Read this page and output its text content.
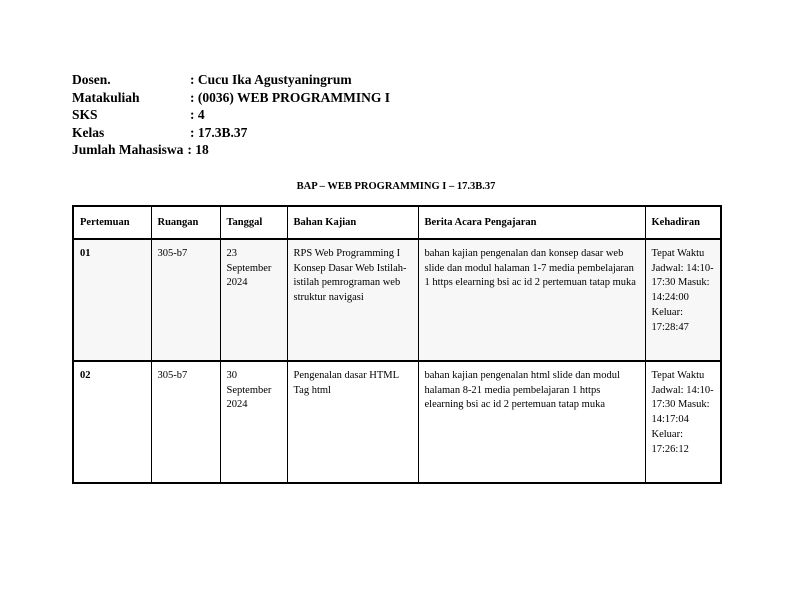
Dosen.	: Cucu Ika Agustyaningrum
Matakuliah	: (0036) WEB PROGRAMMING I
SKS	: 4
Kelas	: 17.3B.37
Jumlah Mahasiswa : 18
BAP – WEB PROGRAMMING I – 17.3B.37
Pertemuan	Ruangan	Tanggal	Bahan Kajian	Berita Acara Pengajaran	Kehadiran
01	305-b7	23 September 2024	RPS Web Programming I Konsep Dasar Web Istilah-istilah pemrograman web struktur navigasi	bahan kajian pengenalan dan konsep dasar web slide dan modul halaman 1-7 media pembelajaran 1 https elearning bsi ac id 2 pertemuan tatap muka	Tepat Waktu Jadwal: 14:10-17:30 Masuk: 14:24:00 Keluar: 17:28:47
02	305-b7	30 September 2024	Pengenalan dasar HTML Tag html	bahan kajian pengenalan html slide dan modul halaman 8-21 media pembelajaran 1 https elearning bsi ac id 2 pertemuan tatap muka	Tepat Waktu Jadwal: 14:10-17:30 Masuk: 14:17:04 Keluar: 17:26:12
